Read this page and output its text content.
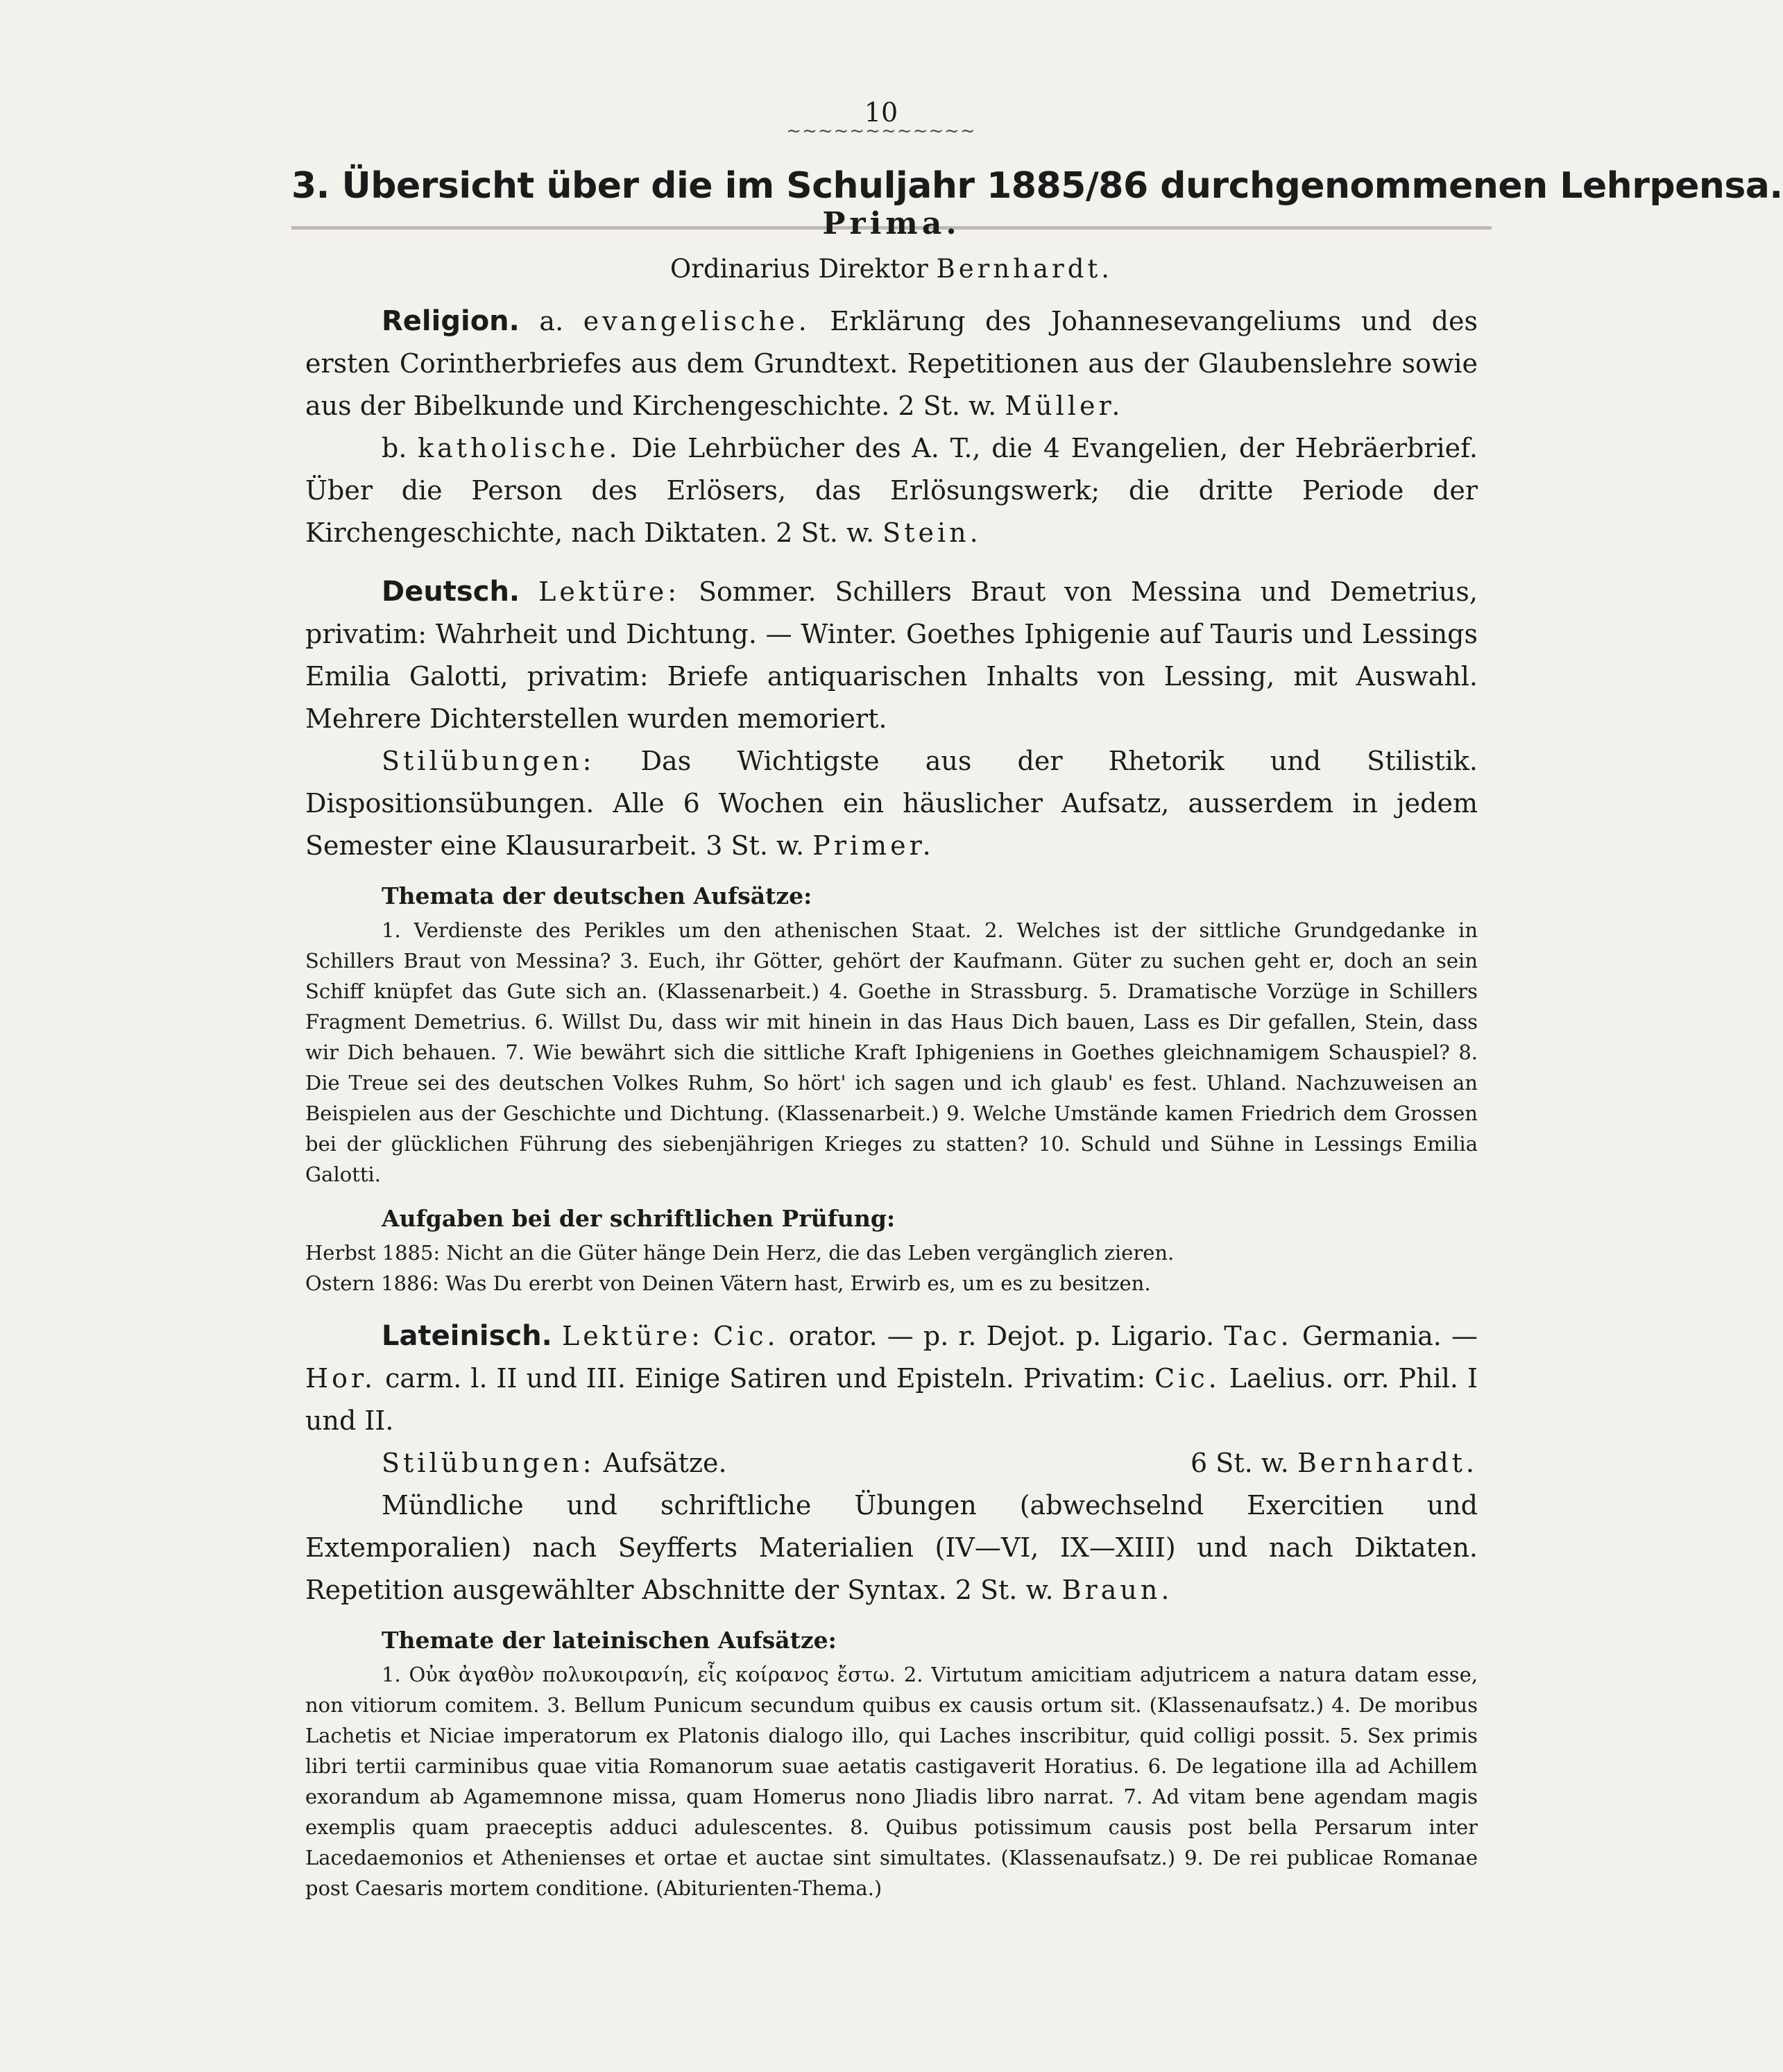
10
~~~~~~~~~~~~
3. Übersicht über die im Schuljahr 1885/86 durchgenommenen Lehrpensa.
Prima.
Ordinarius Direktor Bernhardt.

Religion. a. evangelische. Erklärung des Johannesevangeliums und des ersten Corintherbriefes aus dem Grundtext. Repetitionen aus der Glaubenslehre sowie aus der Bibelkunde und Kirchengeschichte. 2 St. w. Müller.

b. katholische. Die Lehrbücher des A. T., die 4 Evangelien, der Hebräerbrief. Über die Person des Erlösers, das Erlösungswerk; die dritte Periode der Kirchengeschichte, nach Diktaten. 2 St. w. Stein.

Deutsch. Lektüre: Sommer. Schillers Braut von Messina und Demetrius, privatim: Wahrheit und Dichtung. — Winter. Goethes Iphigenie auf Tauris und Lessings Emilia Galotti, privatim: Briefe antiquarischen Inhalts von Lessing, mit Auswahl. Mehrere Dichterstellen wurden memoriert.

Stilübungen: Das Wichtigste aus der Rhetorik und Stilistik. Dispositionsübungen. Alle 6 Wochen ein häuslicher Aufsatz, ausserdem in jedem Semester eine Klausurarbeit. 3 St. w. Primer.

Themata der deutschen Aufsätze:

1. Verdienste des Perikles um den athenischen Staat. 2. Welches ist der sittliche Grundgedanke in Schillers Braut von Messina? 3. Euch, ihr Götter, gehört der Kaufmann. Güter zu suchen geht er, doch an sein Schiff knüpfet das Gute sich an. (Klassenarbeit.) 4. Goethe in Strassburg. 5. Dramatische Vorzüge in Schillers Fragment Demetrius. 6. Willst Du, dass wir mit hinein in das Haus Dich bauen, Lass es Dir gefallen, Stein, dass wir Dich behauen. 7. Wie bewährt sich die sittliche Kraft Iphigeniens in Goethes gleichnamigem Schauspiel? 8. Die Treue sei des deutschen Volkes Ruhm, So hört' ich sagen und ich glaub' es fest. Uhland. Nachzuweisen an Beispielen aus der Geschichte und Dichtung. (Klassenarbeit.) 9. Welche Umstände kamen Friedrich dem Grossen bei der glücklichen Führung des siebenjährigen Krieges zu statten? 10. Schuld und Sühne in Lessings Emilia Galotti.

Aufgaben bei der schriftlichen Prüfung:

Herbst 1885: Nicht an die Güter hänge Dein Herz, die das Leben vergänglich zieren.

Ostern 1886: Was Du ererbt von Deinen Vätern hast, Erwirb es, um es zu besitzen.

Lateinisch. Lektüre: Cic. orator. — p. r. Dejot. p. Ligario. Tac. Germania. — Hor. carm. l. II und III. Einige Satiren und Episteln. Privatim: Cic. Laelius. orr. Phil. I und II.

Stilübungen: Aufsätze.	6 St. w. Bernhardt.

Mündliche und schriftliche Übungen (abwechselnd Exercitien und Extemporalien) nach Seyfferts Materialien (IV—VI, IX—XIII) und nach Diktaten. Repetition ausgewählter Abschnitte der Syntax. 2 St. w. Braun.

Themate der lateinischen Aufsätze:

1. Οὐκ ἀγαθὸν πολυκοιρανίη, εἷς κοίρανος ἔστω. 2. Virtutum amicitiam adjutricem a natura datam esse, non vitiorum comitem. 3. Bellum Punicum secundum quibus ex causis ortum sit. (Klassenaufsatz.) 4. De moribus Lachetis et Niciae imperatorum ex Platonis dialogo illo, qui Laches inscribitur, quid colligi possit. 5. Sex primis libri tertii carminibus quae vitia Romanorum suae aetatis castigaverit Horatius. 6. De legatione illa ad Achillem exorandum ab Agamemnone missa, quam Homerus nono Jliadis libro narrat. 7. Ad vitam bene agendam magis exemplis quam praeceptis adduci adulescentes. 8. Quibus potissimum causis post bella Persarum inter Lacedaemonios et Athenienses et ortae et auctae sint simultates. (Klassenaufsatz.) 9. De rei publicae Romanae post Caesaris mortem conditione. (Abiturienten-Thema.)
